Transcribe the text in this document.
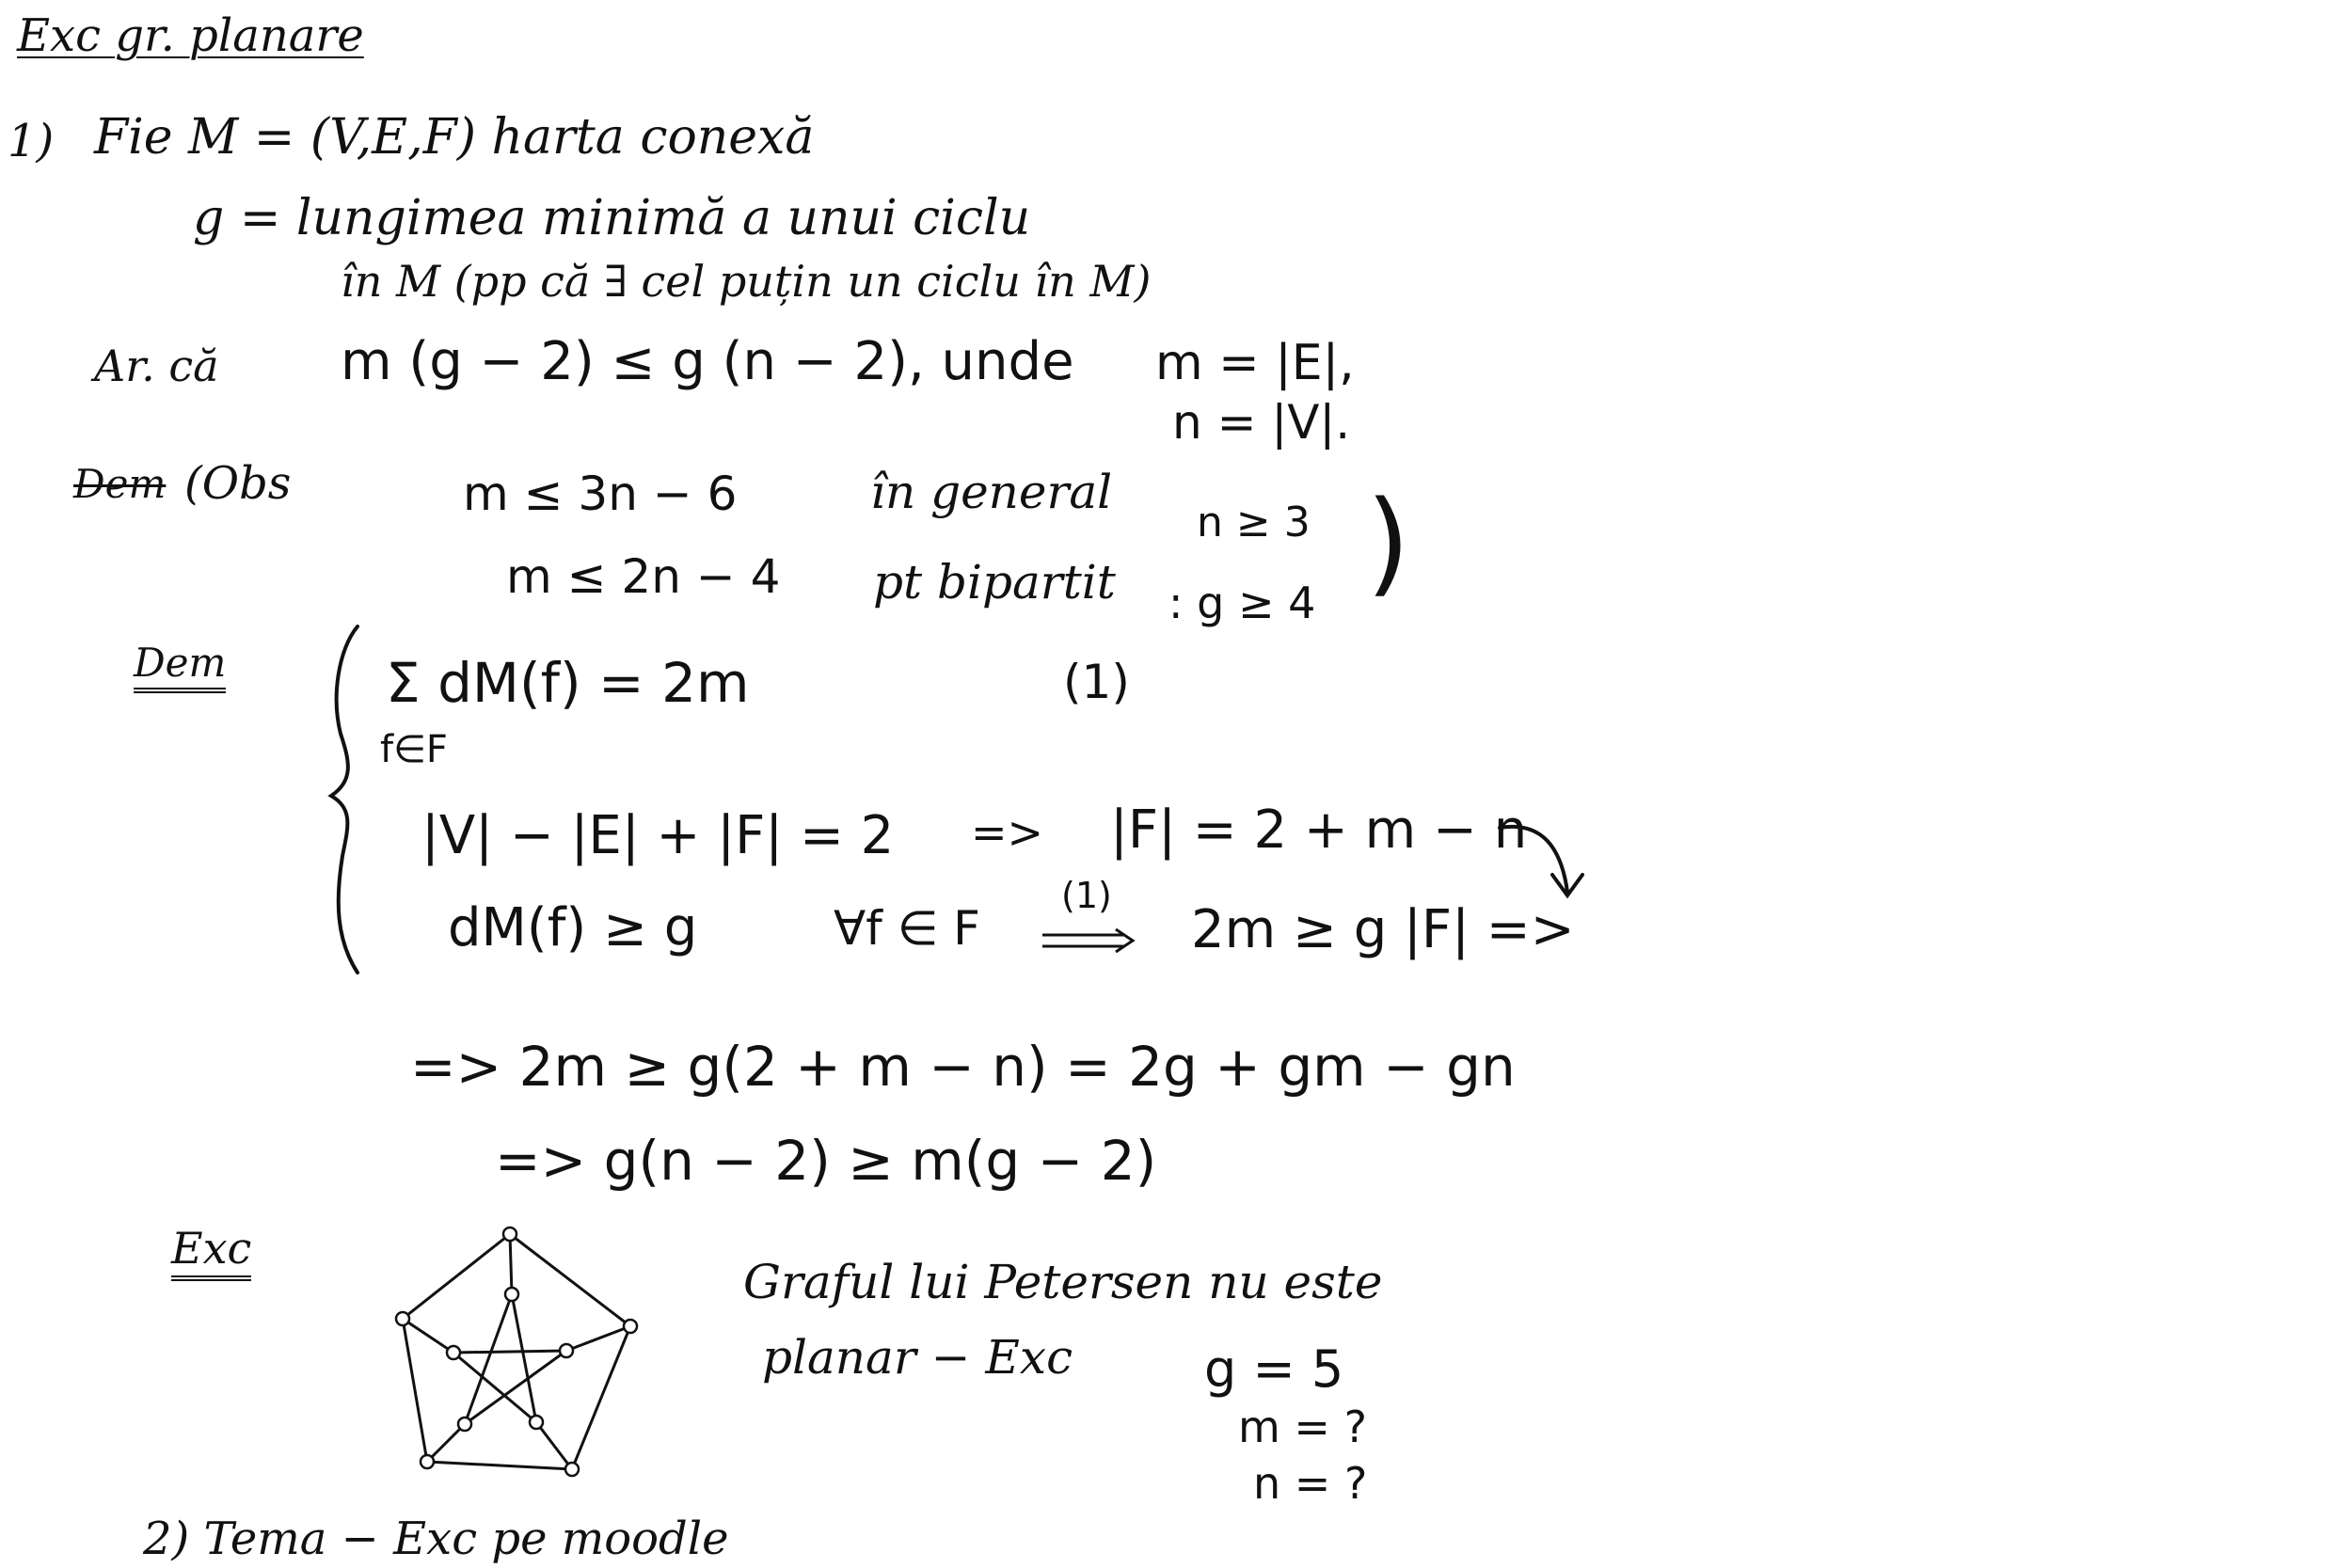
Exc gr. planare
1) Fie M = (V,E,F) harta conexă
g = lungimea minimă a unui ciclu
în M (pp că ∃ cel puțin un ciclu în M)
Ar. că m (g − 2) ≤ g (n − 2), unde m = |E|,
n = |V|.
Dem (Obs	m ≤ 3n − 6	în general
n ≥ 3
m ≤ 2n − 4 pt bipartit : g ≥ 4 )
Dem	Σ dM(f) = 2m
f∈F
(1)
|V| − |E| + |F| = 2 => |F| = 2 + m − n
dM(f) ≥ g	∀f ∈ F
(1)
2m ≥ g |F| =>
=> 2m ≥ g(2 + m − n) = 2g + gm − gn
=> g(n − 2) ≥ m(g − 2)
Exc
Graful lui Petersen nu este
planar − Exc	g = 5
m = ?
n = ?
2) Tema − Exc pe moodle
